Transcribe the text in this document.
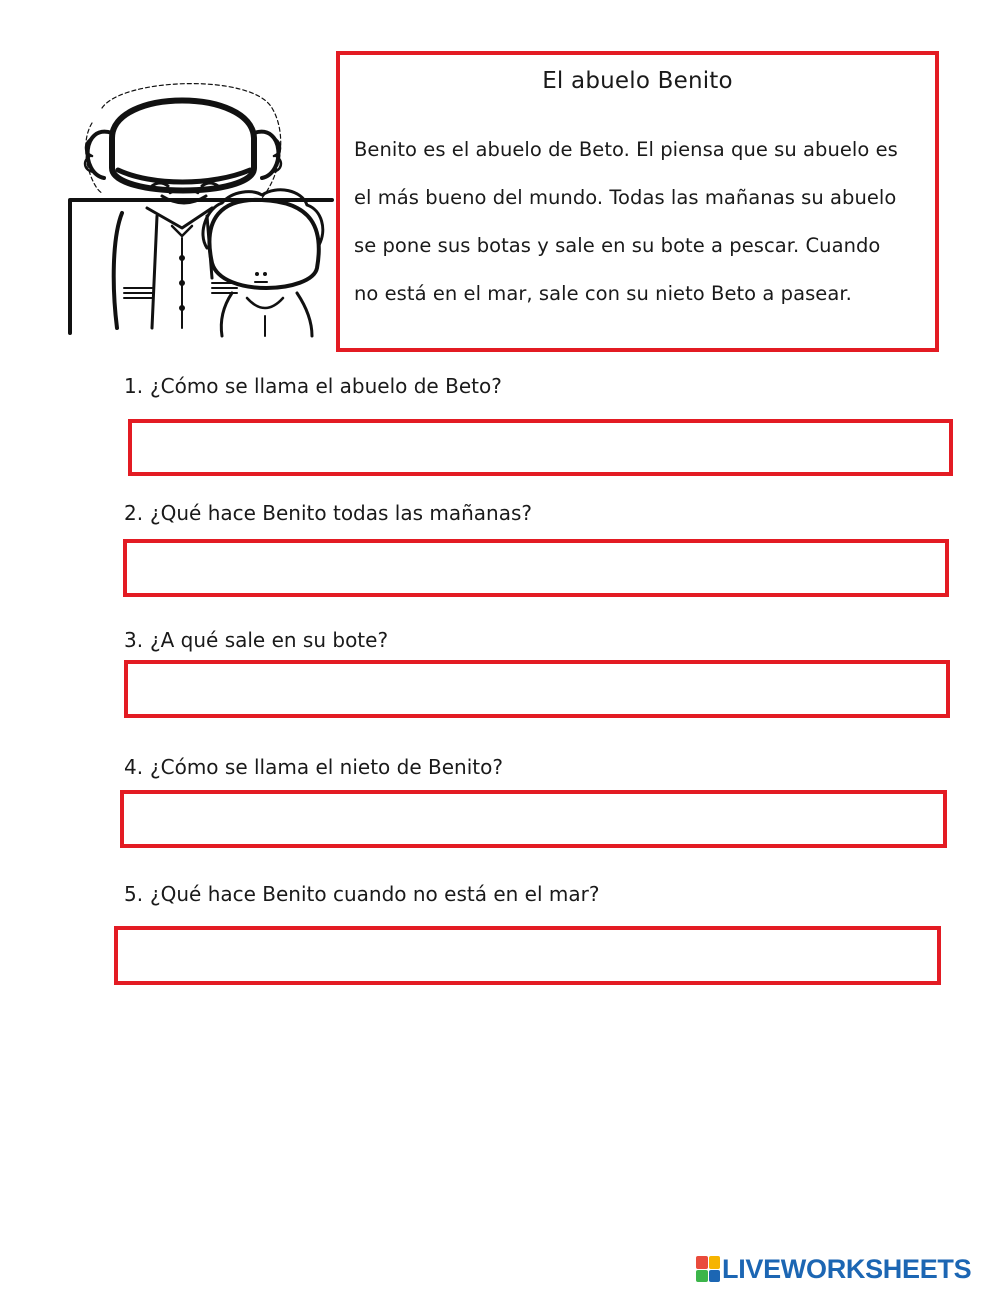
El abuelo Benito
Benito es el abuelo de Beto. El piensa que su abuelo es
el más bueno del mundo. Todas las mañanas su abuelo
se pone sus botas y sale en su bote a pescar. Cuando
no está en el mar, sale con su nieto Beto a pasear.
1. ¿Cómo se llama el abuelo de Beto?
2. ¿Qué hace Benito todas las mañanas?
3. ¿A qué sale en su bote?
4. ¿Cómo se llama el nieto de Benito?
5. ¿Qué hace Benito cuando no está en el mar?
LIVEWORKSHEETS
